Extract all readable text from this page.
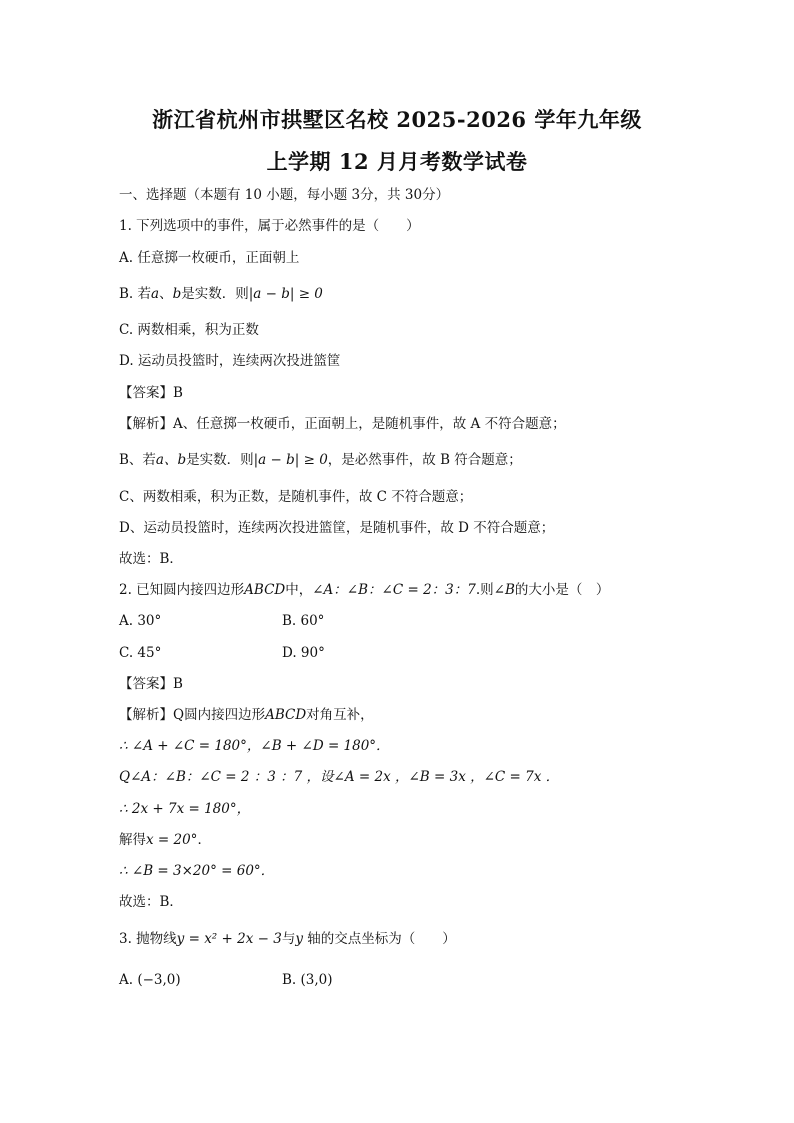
浙江省杭州市拱墅区名校 2025-2026 学年九年级
上学期 12 月月考数学试卷
一、选择题（本题有 10 小题，每小题 3分，共 30分）
1. 下列选项中的事件，属于必然事件的是（　　）
A. 任意掷一枚硬币，正面朝上
B. 若a、b是实数．则|a − b| ≥ 0
C. 两数相乘，积为正数
D. 运动员投篮时，连续两次投进篮筐
【答案】B
【解析】A、任意掷一枚硬币，正面朝上，是随机事件，故 A 不符合题意；
B、若a、b是实数．则|a − b| ≥ 0，是必然事件，故 B 符合题意；
C、两数相乘，积为正数，是随机事件，故 C 不符合题意；
D、运动员投篮时，连续两次投进篮筐，是随机事件，故 D 不符合题意；
故选：B．
2. 已知圆内接四边形ABCD中，∠A：∠B：∠C = 2：3：7.则∠B的大小是（　）
A. 30°	B. 60°
C. 45°	D. 90°
【答案】B
【解析】Q圆内接四边形ABCD对角互补，
∴ ∠A + ∠C = 180°，∠B + ∠D = 180°．
Q∠A：∠B：∠C = 2 ：3 ：7 ，设∠A = 2x ，∠B = 3x ，∠C = 7x ．
∴ 2x + 7x = 180°，
解得x = 20°．
∴ ∠B = 3×20° = 60°．
故选：B．
3. 抛物线y = x² + 2x − 3与y 轴的交点坐标为（　　）
A. (−3,0)	B. (3,0)
